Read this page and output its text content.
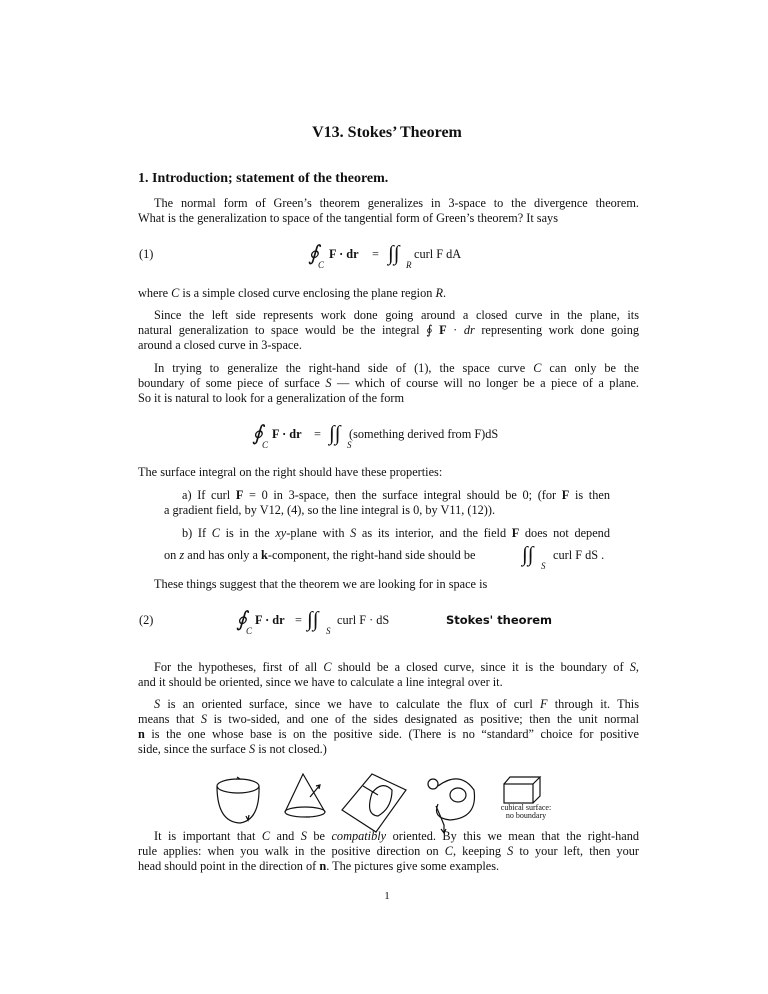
V13. Stokes’ Theorem
1. Introduction; statement of the theorem.
The normal form of Green’s theorem generalizes in 3-space to the divergence theorem.
What is the generalization to space of the tangential form of Green’s theorem? It says
(1)	∮ C
F · dr = ∫∫ R
curl F dA
where C is a simple closed curve enclosing the plane region R.
Since the left side represents work done going around a closed curve in the plane, its
natural generalization to space would be the integral ∮ F · dr representing work done going
around a closed curve in 3-space.
In trying to generalize the right-hand side of (1), the space curve C can only be the
boundary of some piece of surface S — which of course will no longer be a piece of a plane.
So it is natural to look for a generalization of the form
∮ C
F · dr = ∫∫ S
(something derived from F)dS
The surface integral on the right should have these properties:
a) If curl F = 0 in 3-space, then the surface integral should be 0; (for F is then
a gradient field, by V12, (4), so the line integral is 0, by V11, (12)).
b) If C is in the xy-plane with S as its interior, and the field F does not depend
on z and has only a k-component, the right-hand side should be	∫∫ S
curl F dS .
These things suggest that the theorem we are looking for in space is
(2)	∮ C
F · dr = ∫∫ S
curl F · dS	Stokes' theorem
For the hypotheses, first of all C should be a closed curve, since it is the boundary of S,
and it should be oriented, since we have to calculate a line integral over it.
S is an oriented surface, since we have to calculate the flux of curl F through it. This
means that S is two-sided, and one of the sides designated as positive; then the unit normal
n is the one whose base is on the positive side. (There is no “standard” choice for positive
side, since the surface S is not closed.)
cubical surface:
no boundary
It is important that C and S be compatibly oriented. By this we mean that the right-hand
rule applies: when you walk in the positive direction on C, keeping S to your left, then your
head should point in the direction of n. The pictures give some examples.
1
